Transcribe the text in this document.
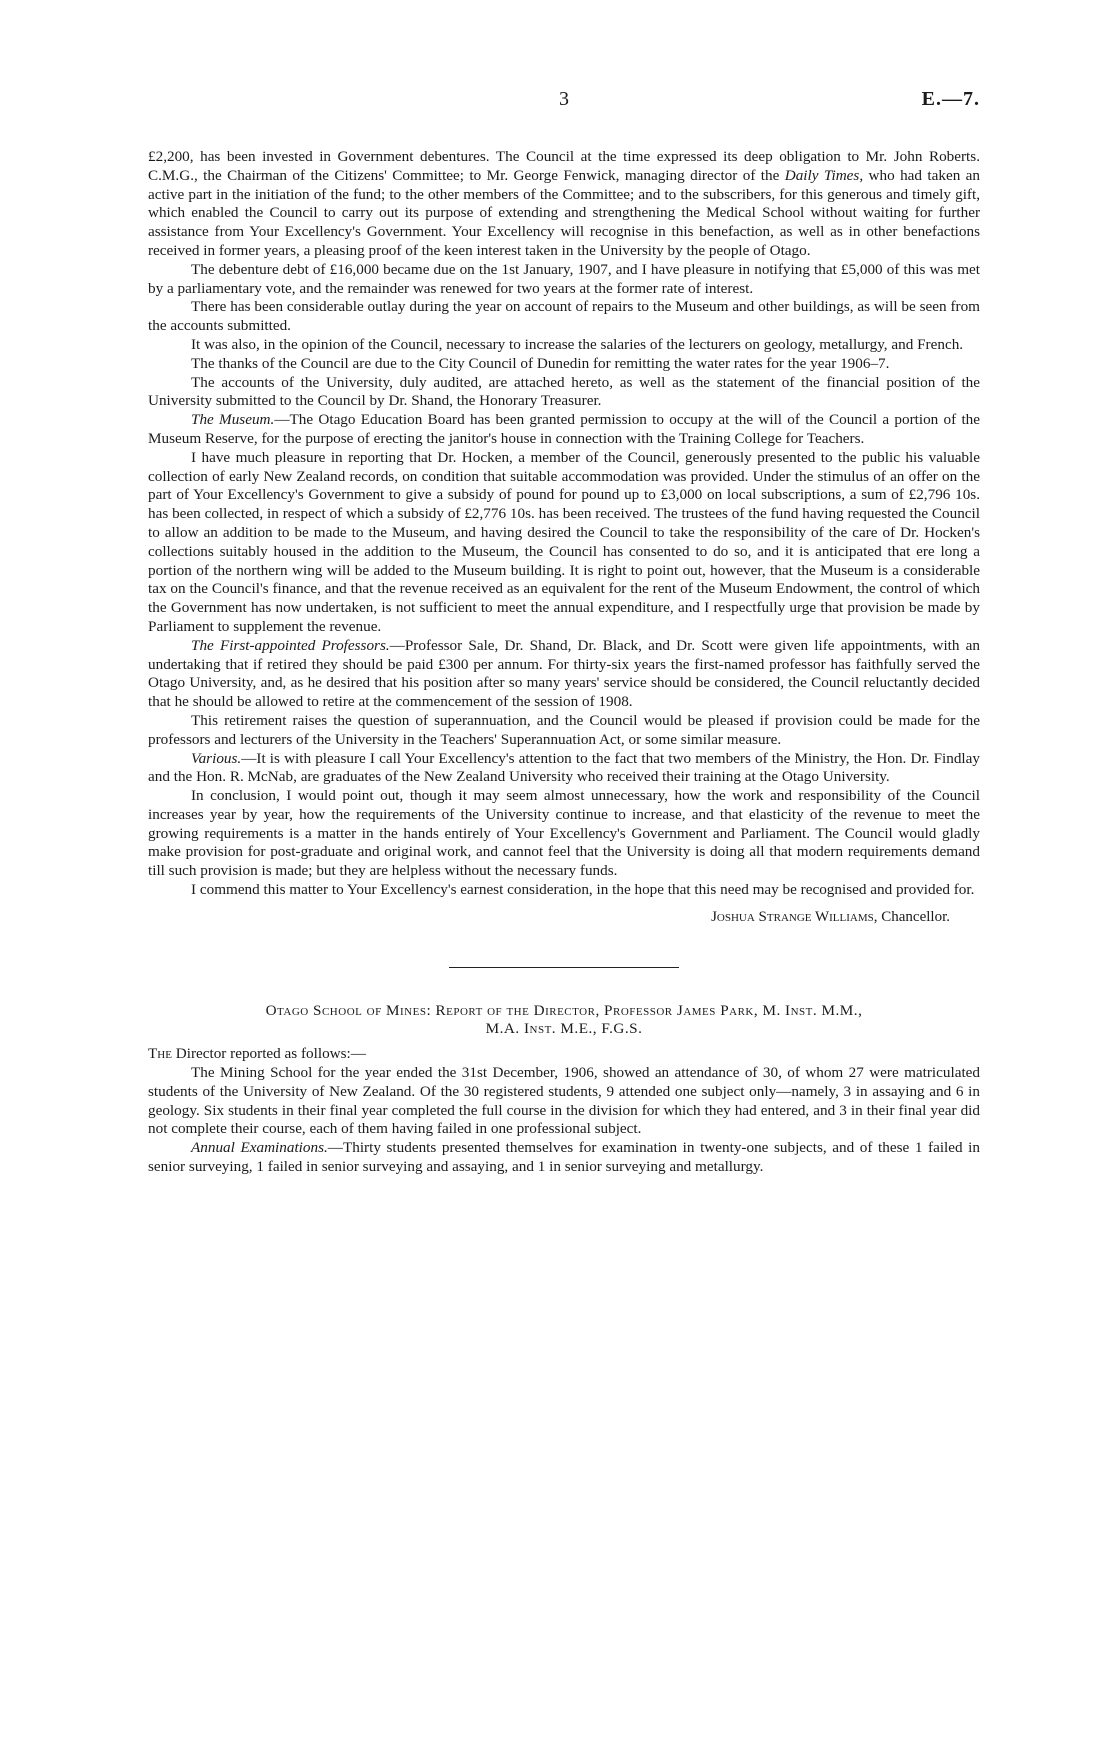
3	E.—7.

£2,200, has been invested in Government debentures. The Council at the time expressed its deep obligation to Mr. John Roberts. C.M.G., the Chairman of the Citizens' Committee; to Mr. George Fenwick, managing director of the Daily Times, who had taken an active part in the initiation of the fund; to the other members of the Committee; and to the subscribers, for this generous and timely gift, which enabled the Council to carry out its purpose of extending and strengthening the Medical School without waiting for further assistance from Your Excellency's Government. Your Excellency will recognise in this benefaction, as well as in other benefactions received in former years, a pleasing proof of the keen interest taken in the University by the people of Otago.

The debenture debt of £16,000 became due on the 1st January, 1907, and I have pleasure in notifying that £5,000 of this was met by a parliamentary vote, and the remainder was renewed for two years at the former rate of interest.

There has been considerable outlay during the year on account of repairs to the Museum and other buildings, as will be seen from the accounts submitted.

It was also, in the opinion of the Council, necessary to increase the salaries of the lecturers on geology, metallurgy, and French.

The thanks of the Council are due to the City Council of Dunedin for remitting the water rates for the year 1906–7.

The accounts of the University, duly audited, are attached hereto, as well as the statement of the financial position of the University submitted to the Council by Dr. Shand, the Honorary Treasurer.

The Museum.—The Otago Education Board has been granted permission to occupy at the will of the Council a portion of the Museum Reserve, for the purpose of erecting the janitor's house in connection with the Training College for Teachers.

I have much pleasure in reporting that Dr. Hocken, a member of the Council, generously presented to the public his valuable collection of early New Zealand records, on condition that suitable accommodation was provided. Under the stimulus of an offer on the part of Your Excellency's Government to give a subsidy of pound for pound up to £3,000 on local subscriptions, a sum of £2,796 10s. has been collected, in respect of which a subsidy of £2,776 10s. has been received. The trustees of the fund having requested the Council to allow an addition to be made to the Museum, and having desired the Council to take the responsibility of the care of Dr. Hocken's collections suitably housed in the addition to the Museum, the Council has consented to do so, and it is anticipated that ere long a portion of the northern wing will be added to the Museum building. It is right to point out, however, that the Museum is a considerable tax on the Council's finance, and that the revenue received as an equivalent for the rent of the Museum Endowment, the control of which the Government has now undertaken, is not sufficient to meet the annual expenditure, and I respectfully urge that provision be made by Parliament to supplement the revenue.

The First-appointed Professors.—Professor Sale, Dr. Shand, Dr. Black, and Dr. Scott were given life appointments, with an undertaking that if retired they should be paid £300 per annum. For thirty-six years the first-named professor has faithfully served the Otago University, and, as he desired that his position after so many years' service should be considered, the Council reluctantly decided that he should be allowed to retire at the commencement of the session of 1908.

This retirement raises the question of superannuation, and the Council would be pleased if provision could be made for the professors and lecturers of the University in the Teachers' Superannuation Act, or some similar measure.

Various.—It is with pleasure I call Your Excellency's attention to the fact that two members of the Ministry, the Hon. Dr. Findlay and the Hon. R. McNab, are graduates of the New Zealand University who received their training at the Otago University.

In conclusion, I would point out, though it may seem almost unnecessary, how the work and responsibility of the Council increases year by year, how the requirements of the University continue to increase, and that elasticity of the revenue to meet the growing requirements is a matter in the hands entirely of Your Excellency's Government and Parliament. The Council would gladly make provision for post-graduate and original work, and cannot feel that the University is doing all that modern requirements demand till such provision is made; but they are helpless without the necessary funds.

I commend this matter to Your Excellency's earnest consideration, in the hope that this need may be recognised and provided for.

Joshua Strange Williams, Chancellor.
Otago School of Mines: Report of the Director, Professor James Park, M. Inst. M.M.,
M.A. Inst. M.E., F.G.S.

The Director reported as follows:—

The Mining School for the year ended the 31st December, 1906, showed an attendance of 30, of whom 27 were matriculated students of the University of New Zealand. Of the 30 registered students, 9 attended one subject only—namely, 3 in assaying and 6 in geology. Six students in their final year completed the full course in the division for which they had entered, and 3 in their final year did not complete their course, each of them having failed in one professional subject.

Annual Examinations.—Thirty students presented themselves for examination in twenty-one subjects, and of these 1 failed in senior surveying, 1 failed in senior surveying and assaying, and 1 in senior surveying and metallurgy.
